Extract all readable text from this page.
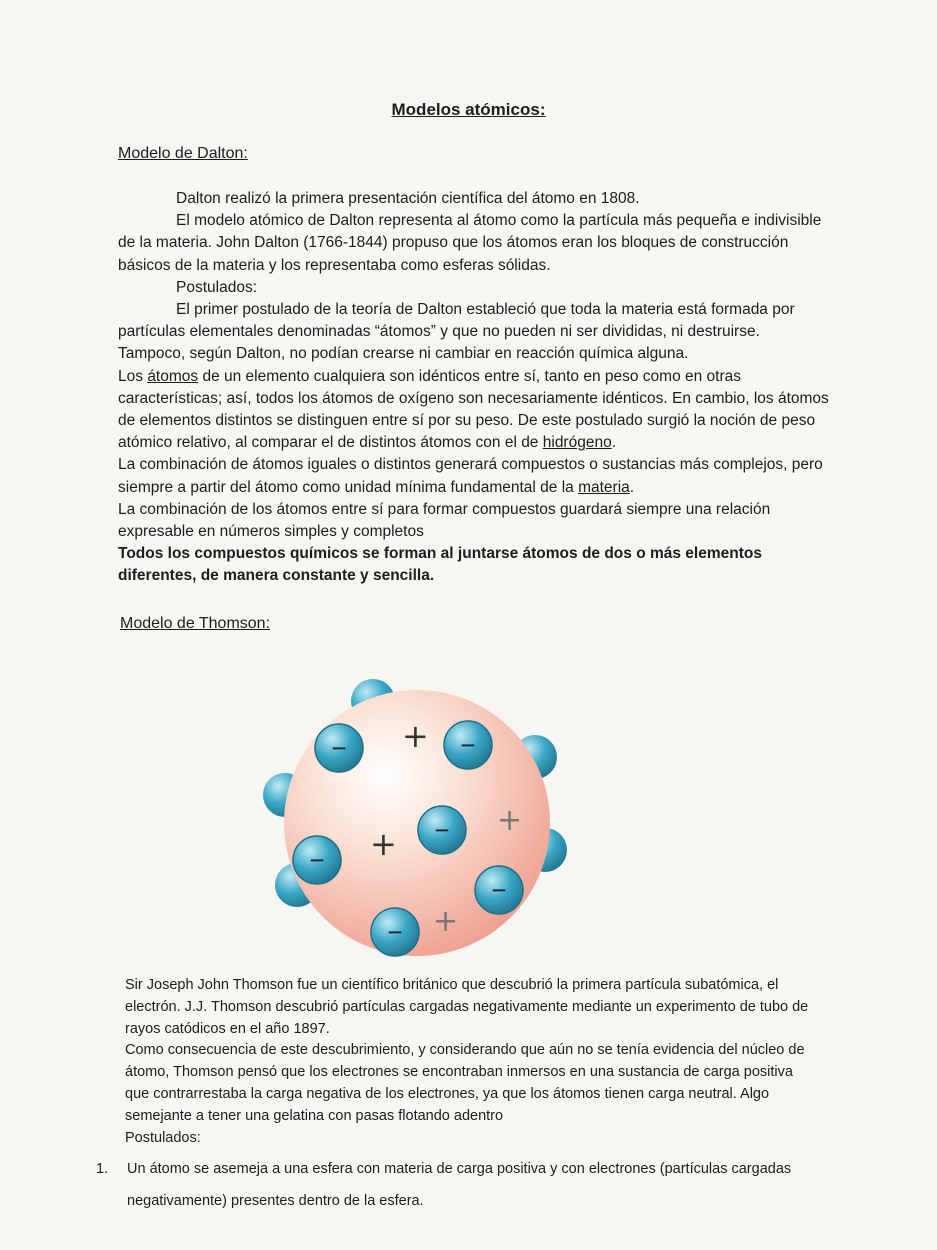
Modelos atómicos:
Modelo de Dalton:

Dalton realizó la primera presentación científica del átomo en 1808.

El modelo atómico de Dalton representa al átomo como la partícula más pequeña e indivisible de la materia. John Dalton (1766-1844) propuso que los átomos eran los bloques de construcción básicos de la materia y los representaba como esferas sólidas.

Postulados:

El primer postulado de la teoría de Dalton estableció que toda la materia está formada por partículas elementales denominadas “átomos” y que no pueden ni ser divididas, ni destruirse. Tampoco, según Dalton, no podían crearse ni cambiar en reacción química alguna.

Los átomos de un elemento cualquiera son idénticos entre sí, tanto en peso como en otras características; así, todos los átomos de oxígeno son necesariamente idénticos. En cambio, los átomos de elementos distintos se distinguen entre sí por su peso. De este postulado surgió la noción de peso atómico relativo, al comparar el de distintos átomos con el de hidrógeno.

La combinación de átomos iguales o distintos generará compuestos o sustancias más complejos, pero siempre a partir del átomo como unidad mínima fundamental de la materia.

La combinación de los átomos entre sí para formar compuestos guardará siempre una relación expresable en números simples y completos

Todos los compuestos químicos se forman al juntarse átomos de dos o más elementos diferentes, de manera constante y sencilla.

Modelo de Thomson:
+
+
+
+
−	−
−
−
−
−

Sir Joseph John Thomson fue un científico británico que descubrió la primera partícula subatómica, el electrón. J.J. Thomson descubrió partículas cargadas negativamente mediante un experimento de tubo de rayos catódicos en el año 1897.

Como consecuencia de este descubrimiento, y considerando que aún no se tenía evidencia del núcleo de átomo, Thomson pensó que los electrones se encontraban inmersos en una sustancia de carga positiva que contrarrestaba la carga negativa de los electrones, ya que los átomos tienen carga neutral. Algo semejante a tener una gelatina con pasas flotando adentro

Postulados:

1. Un átomo se asemeja a una esfera con materia de carga positiva y con electrones (partículas cargadas negativamente) presentes dentro de la esfera.
